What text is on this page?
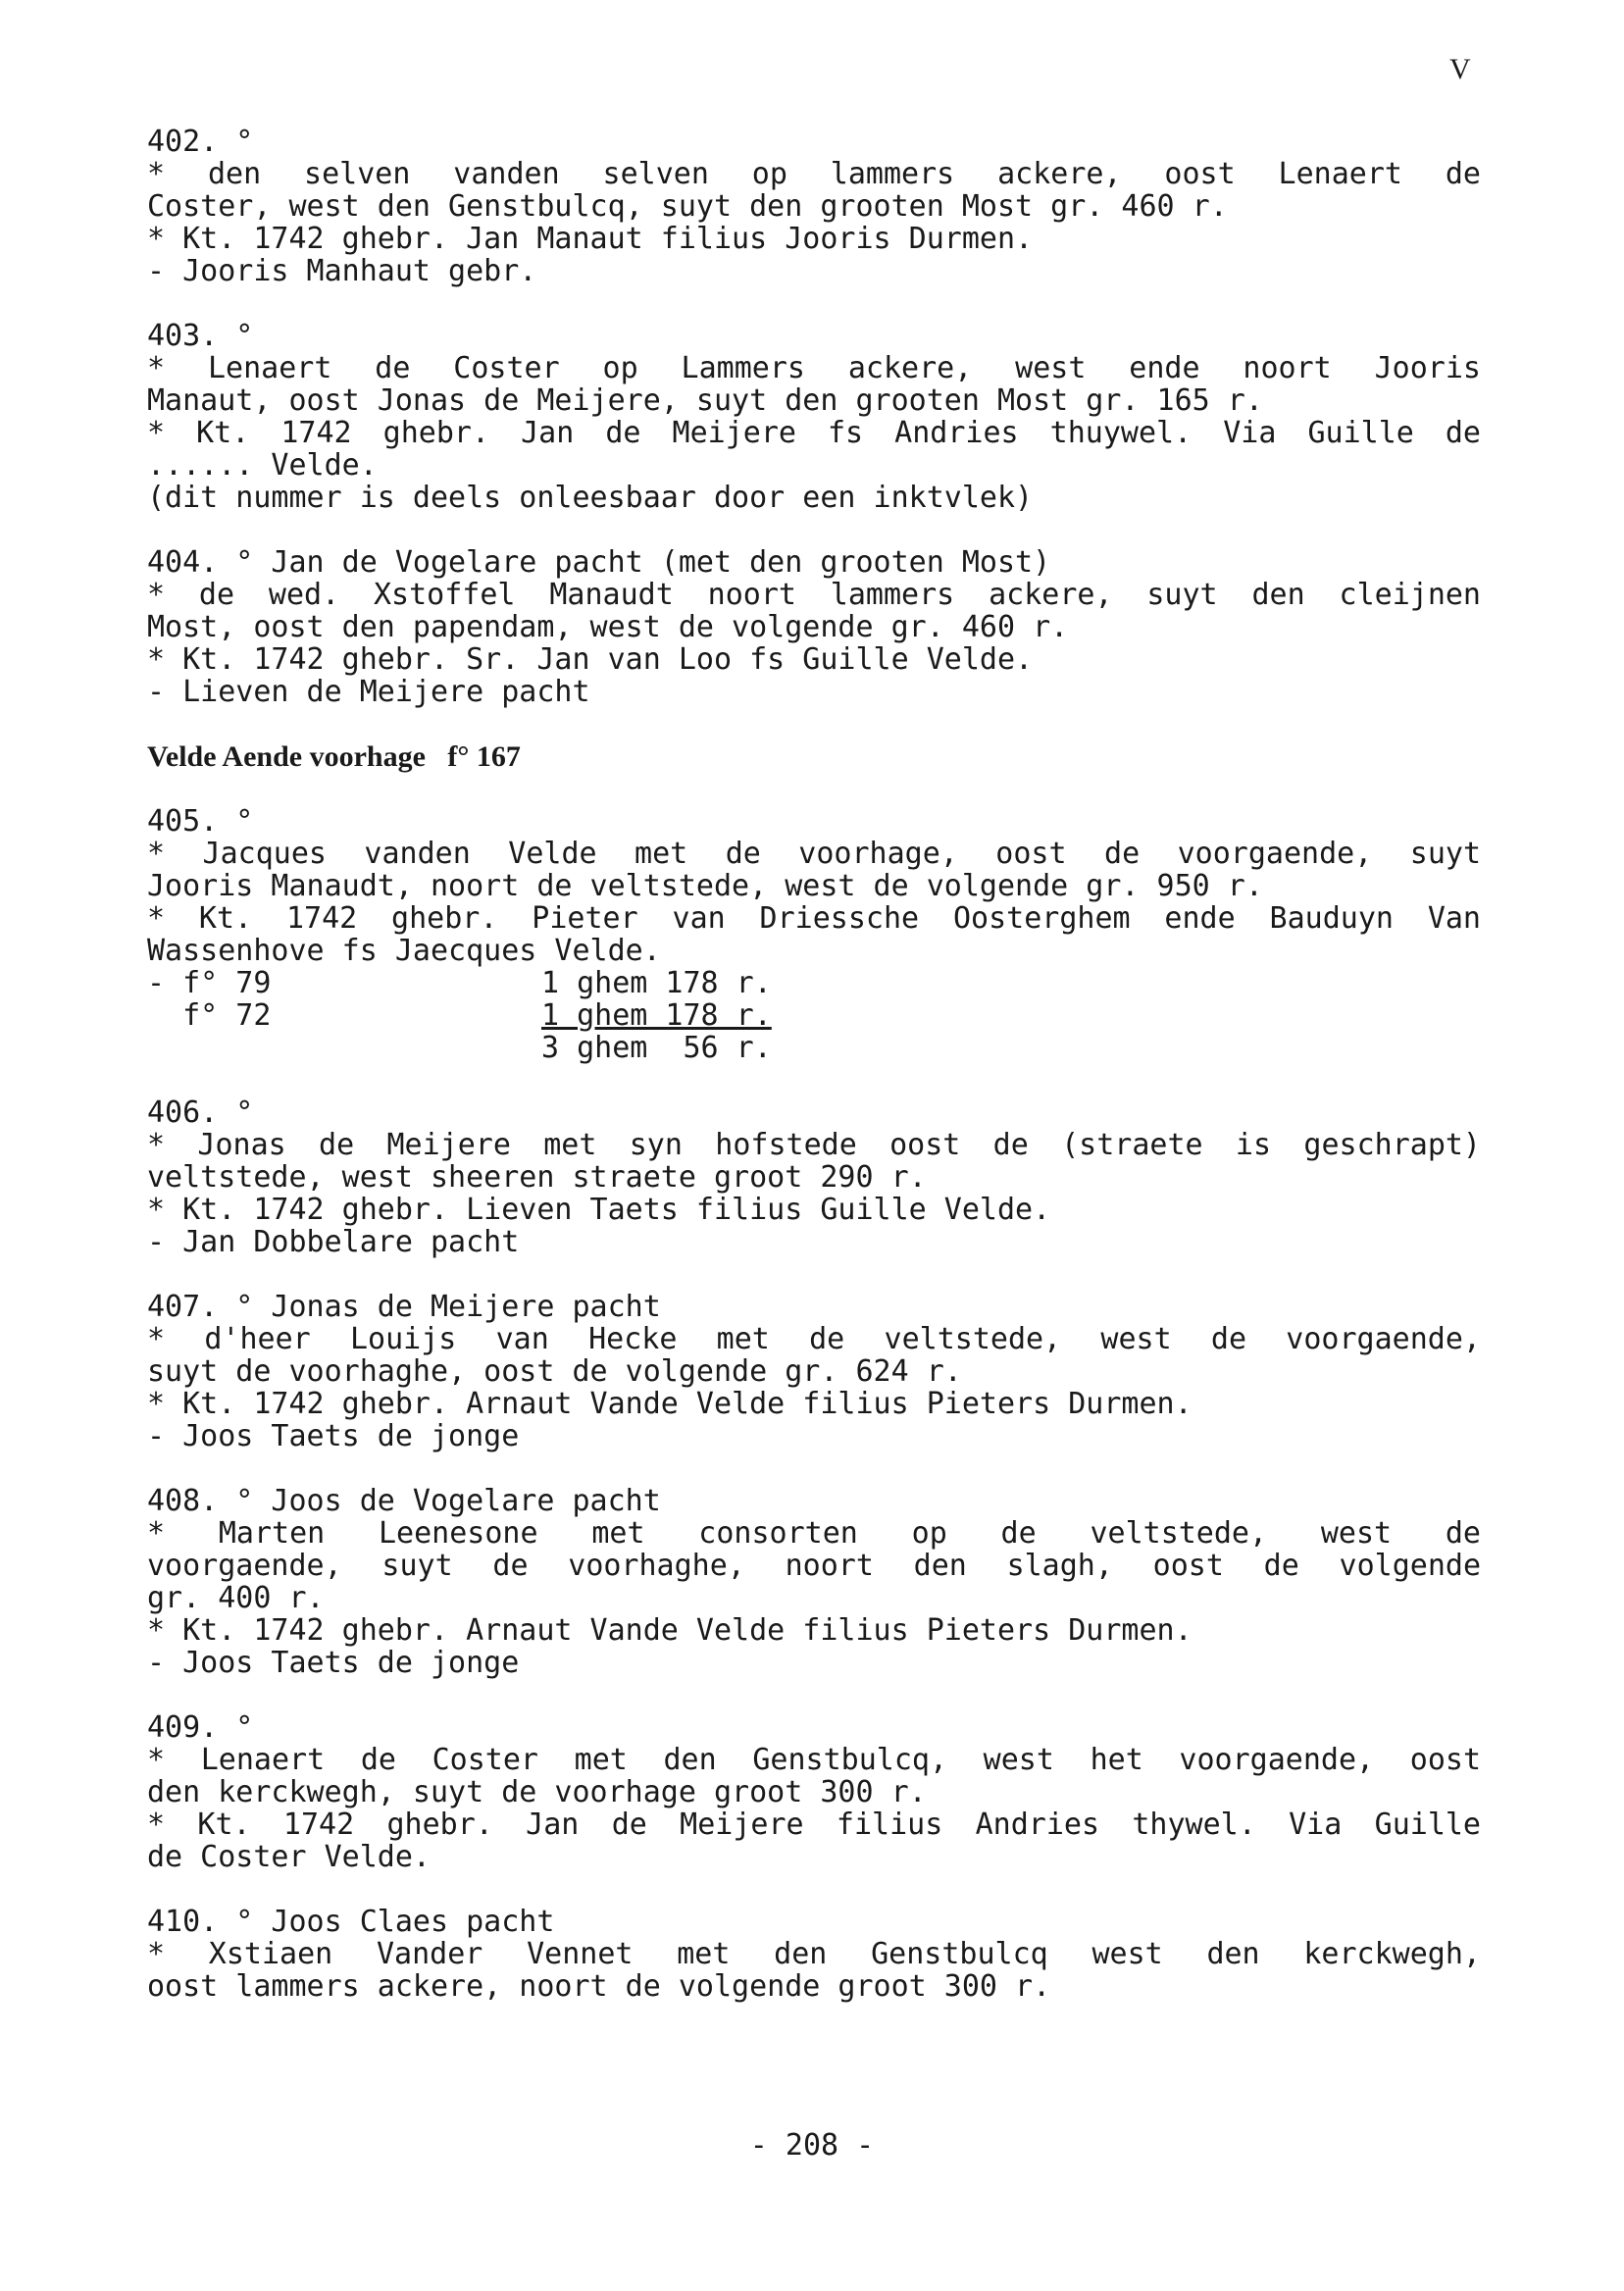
V
402. °
* den selven vanden selven op lammers ackere, oost Lenaert de
Coster, west den Genstbulcq, suyt den grooten Most gr. 460 r.
* Kt. 1742 ghebr. Jan Manaut filius Jooris Durmen.
- Jooris Manhaut gebr.
403. °
* Lenaert de Coster op Lammers ackere, west ende noort Jooris
Manaut, oost Jonas de Meijere, suyt den grooten Most gr. 165 r.
* Kt. 1742 ghebr. Jan de Meijere fs Andries thuywel. Via Guille de
...... Velde.
(dit nummer is deels onleesbaar door een inktvlek)
404. ° Jan de Vogelare pacht (met den grooten Most)
* de wed. Xstoffel Manaudt noort lammers ackere, suyt den cleijnen
Most, oost den papendam, west de volgende gr. 460 r.
* Kt. 1742 ghebr. Sr. Jan van Loo fs Guille Velde.
- Lieven de Meijere pacht
Velde Aende voorhage   f° 167
405. °
* Jacques vanden Velde met de voorhage, oost de voorgaende, suyt
Jooris Manaudt, noort de veltstede, west de volgende gr. 950 r.
* Kt. 1742 ghebr. Pieter van Driessche Oosterghem ende Bauduyn Van
Wassenhove fs Jaecques Velde.
- f° 79	1 ghem 178 r.
f° 72	1 ghem 178 r.
	3 ghem  56 r.
406. °
* Jonas de Meijere met syn hofstede oost de (straete is geschrapt)
veltstede, west sheeren straete groot 290 r.
* Kt. 1742 ghebr. Lieven Taets filius Guille Velde.
- Jan Dobbelare pacht
407. ° Jonas de Meijere pacht
* d'heer Louijs van Hecke met de veltstede, west de voorgaende,
suyt de voorhaghe, oost de volgende gr. 624 r.
* Kt. 1742 ghebr. Arnaut Vande Velde filius Pieters Durmen.
- Joos Taets de jonge
408. ° Joos de Vogelare pacht
* Marten Leenesone met consorten op de veltstede, west de
voorgaende, suyt de voorhaghe, noort den slagh, oost de volgende
gr. 400 r.
* Kt. 1742 ghebr. Arnaut Vande Velde filius Pieters Durmen.
- Joos Taets de jonge
409. °
* Lenaert de Coster met den Genstbulcq, west het voorgaende, oost
den kerckwegh, suyt de voorhage groot 300 r.
* Kt. 1742 ghebr. Jan de Meijere filius Andries thywel. Via Guille
de Coster Velde.
410. ° Joos Claes pacht
* Xstiaen Vander Vennet met den Genstbulcq west den kerckwegh,
oost lammers ackere, noort de volgende groot 300 r.
- 208 -
